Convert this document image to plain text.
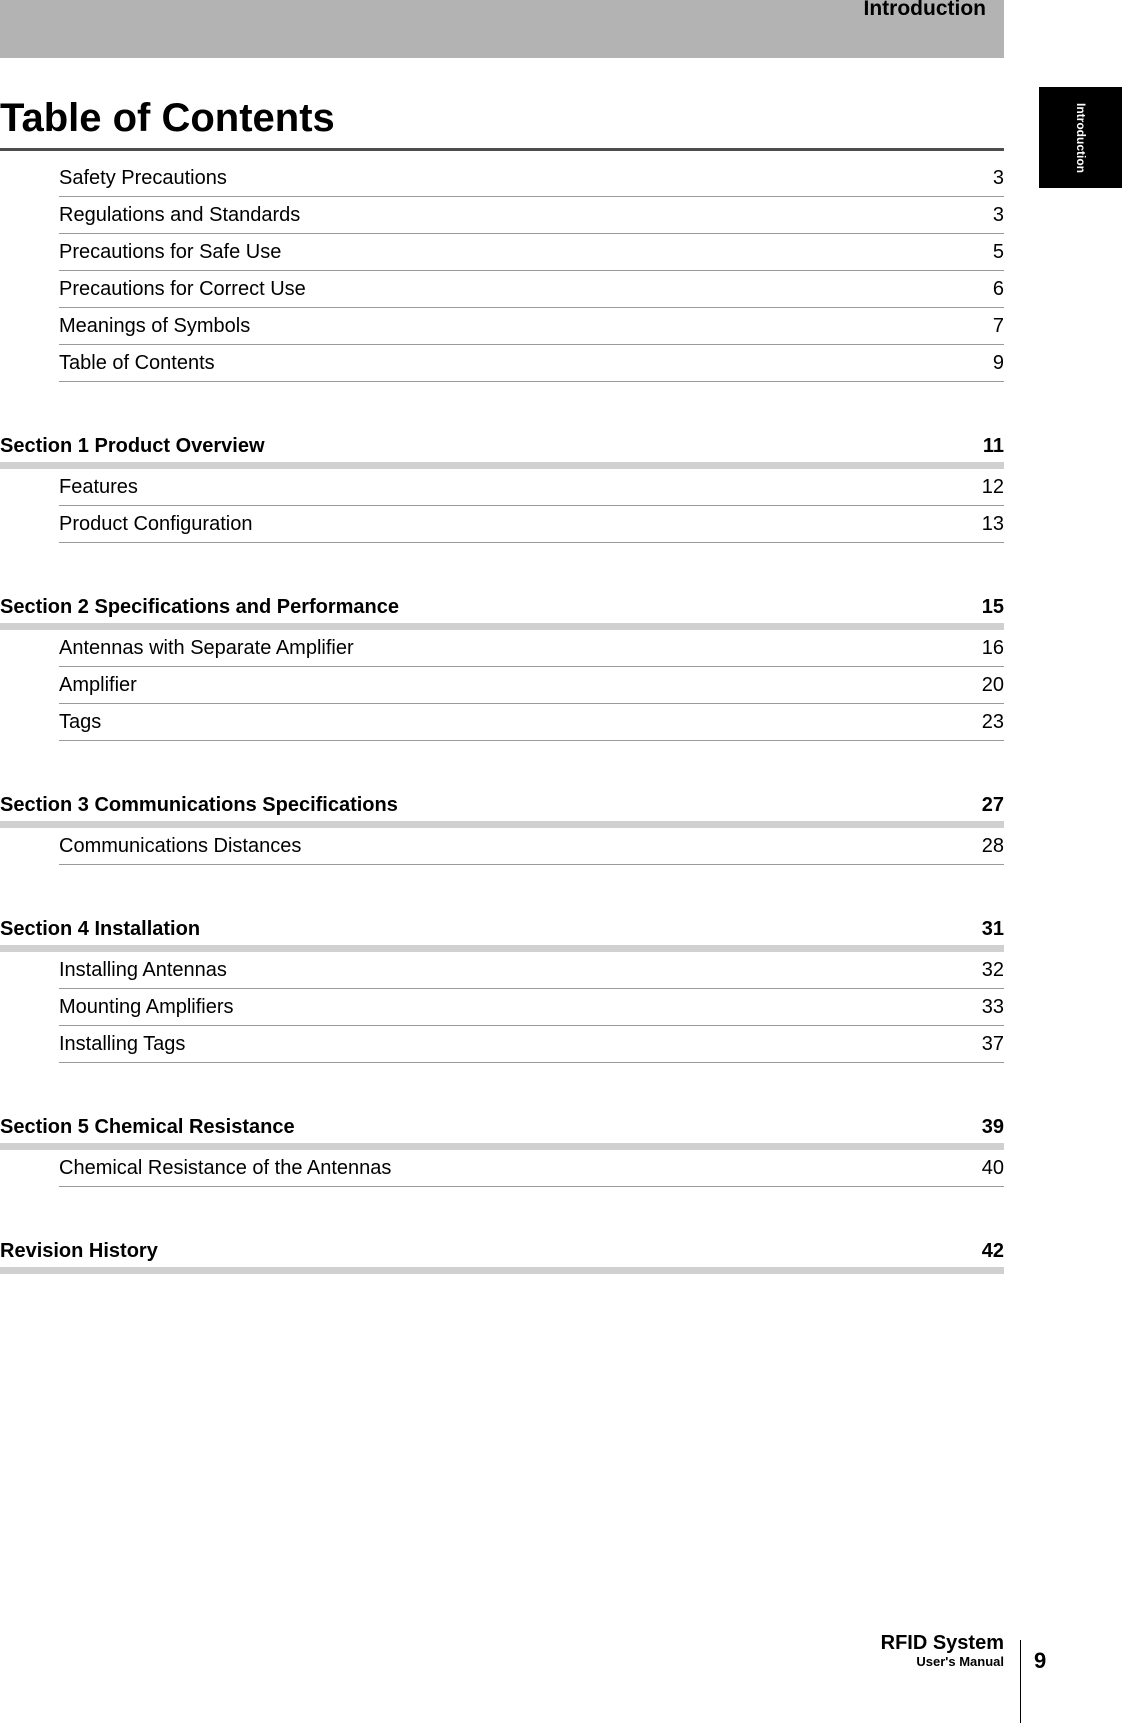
Introduction
Introduction
Table of Contents
Safety Precautions	3
Regulations and Standards	3
Precautions for Safe Use	5
Precautions for Correct Use	6
Meanings of Symbols	7
Table of Contents	9
Section 1 Product Overview	11
Features	12
Product Configuration	13
Section 2 Specifications and Performance	15
Antennas with Separate Amplifier	16
Amplifier	20
Tags	23
Section 3 Communications Specifications	27
Communications Distances	28
Section 4 Installation	31
Installing Antennas	32
Mounting Amplifiers	33
Installing Tags	37
Section 5 Chemical Resistance	39
Chemical Resistance of the Antennas	40
Revision History	42
RFID System
User's Manual 9
